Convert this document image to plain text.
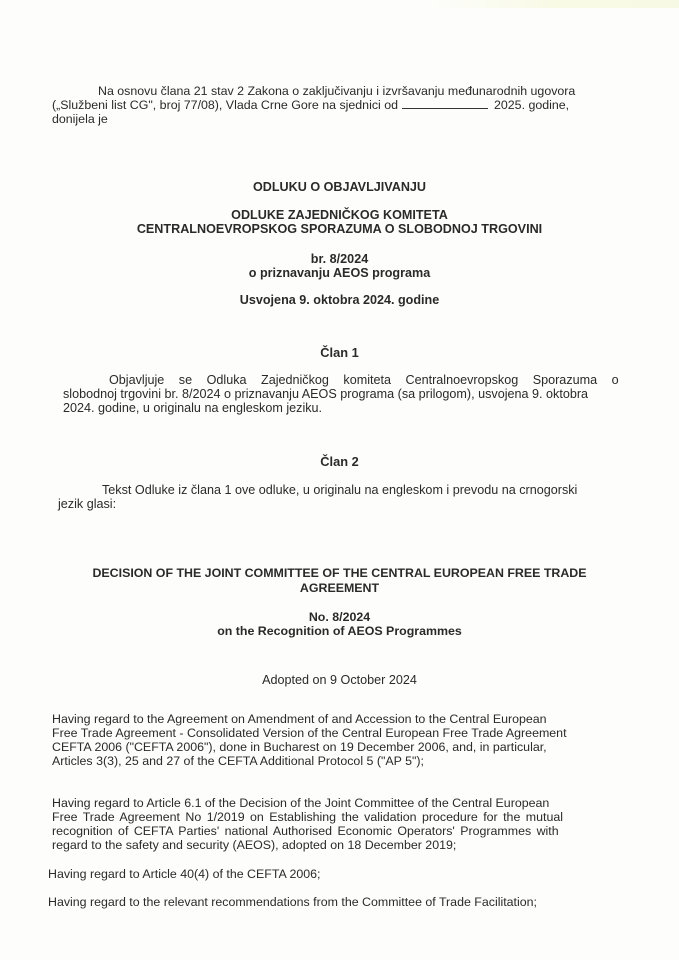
Na osnovu člana 21 stav 2 Zakona o zaključivanju i izvršavanju međunarodnih ugovora
(„Službeni list CG", broj 77/08), Vlada Crne Gore na sjednici od	2025. godine,
donijela je
ODLUKU O OBJAVLJIVANJU
ODLUKE ZAJEDNIČKOG KOMITETA
CENTRALNOEVROPSKOG SPORAZUMA O SLOBODNOJ TRGOVINI
br. 8/2024
o priznavanju AEOS programa
Usvojena 9. oktobra 2024. godine
Član 1
Objavljuje se Odluka Zajedničkog komiteta Centralnoevropskog Sporazuma o
slobodnoj trgovini br. 8/2024 o priznavanju AEOS programa (sa prilogom), usvojena 9. oktobra
2024. godine, u originalu na engleskom jeziku.
Član 2
Tekst Odluke iz člana 1 ove odluke, u originalu na engleskom i prevodu na crnogorski
jezik glasi:
DECISION OF THE JOINT COMMITTEE OF THE CENTRAL EUROPEAN FREE TRADE
AGREEMENT
No. 8/2024
on the Recognition of AEOS Programmes
Adopted on 9 October 2024
Having regard to the Agreement on Amendment of and Accession to the Central European
Free Trade Agreement - Consolidated Version of the Central European Free Trade Agreement
CEFTA 2006 ("CEFTA 2006"), done in Bucharest on 19 December 2006, and, in particular,
Articles 3(3), 25 and 27 of the CEFTA Additional Protocol 5 ("AP 5");
Having regard to Article 6.1 of the Decision of the Joint Committee of the Central European
Free Trade Agreement No 1/2019 on Establishing the validation procedure for the mutual
recognition of CEFTA Parties' national Authorised Economic Operators' Programmes with
regard to the safety and security (AEOS), adopted on 18 December 2019;
Having regard to Article 40(4) of the CEFTA 2006;
Having regard to the relevant recommendations from the Committee of Trade Facilitation;
